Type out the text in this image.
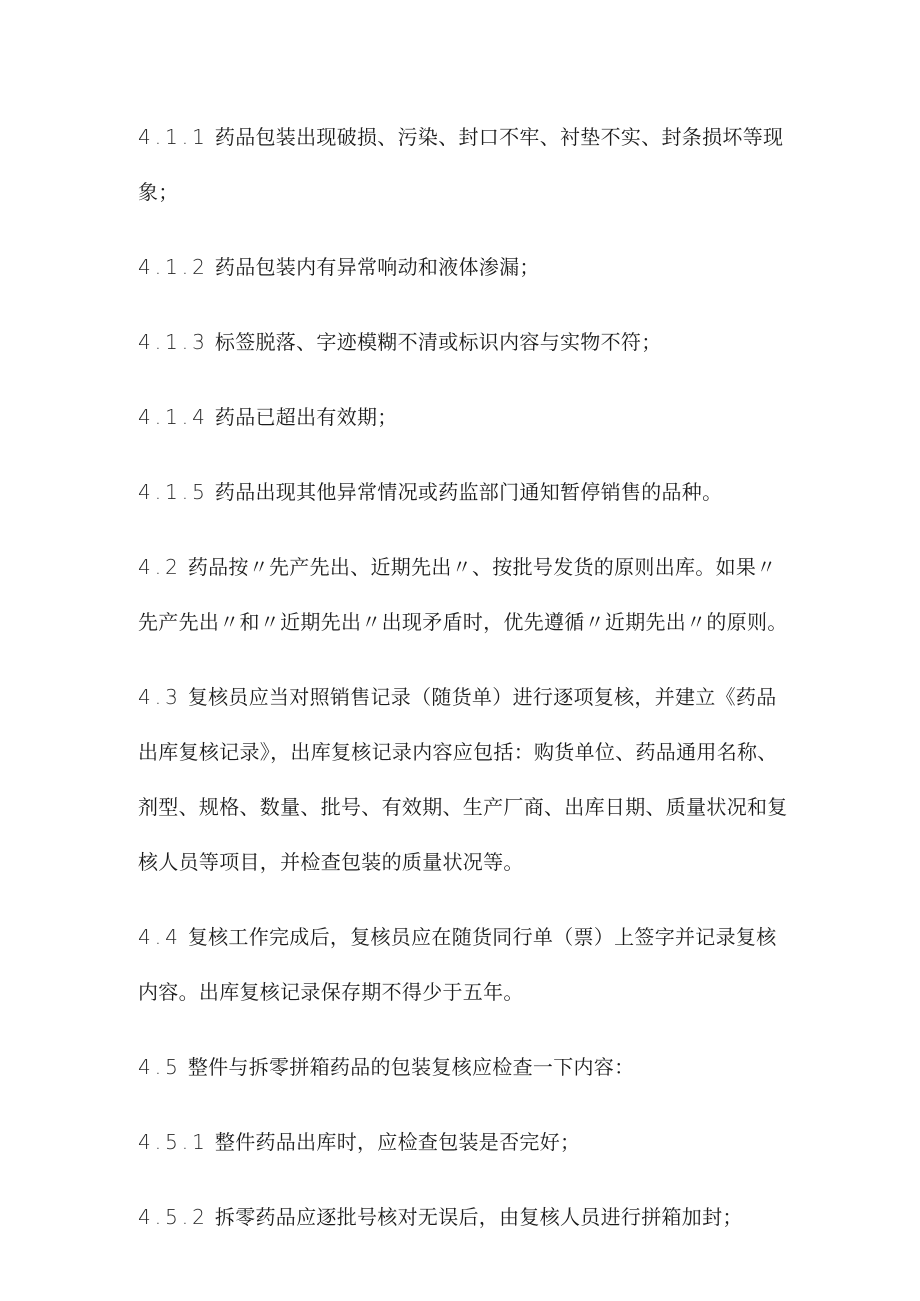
4.1.1 药品包装出现破损、污染、封口不牢、衬垫不实、封条损坏等现象；

4.1.2 药品包装内有异常响动和液体渗漏；

4.1.3 标签脱落、字迹模糊不清或标识内容与实物不符；

4.1.4 药品已超出有效期；

4.1.5 药品出现其他异常情况或药监部门通知暂停销售的品种。

4.2 药品按〃先产先出、近期先出〃、按批号发货的原则出库。如果〃先产先出〃和〃近期先出〃出现矛盾时，优先遵循〃近期先出〃的原则。

4.3 复核员应当对照销售记录（随货单）进行逐项复核，并建立《药品出库复核记录》，出库复核记录内容应包括：购货单位、药品通用名称、剂型、规格、数量、批号、有效期、生产厂商、出库日期、质量状况和复核人员等项目，并检查包装的质量状况等。

4.4 复核工作完成后，复核员应在随货同行单（票）上签字并记录复核内容。出库复核记录保存期不得少于五年。

4.5 整件与拆零拼箱药品的包装复核应检查一下内容：

4.5.1 整件药品出库时，应检查包装是否完好；

4.5.2 拆零药品应逐批号核对无误后，由复核人员进行拼箱加封；
